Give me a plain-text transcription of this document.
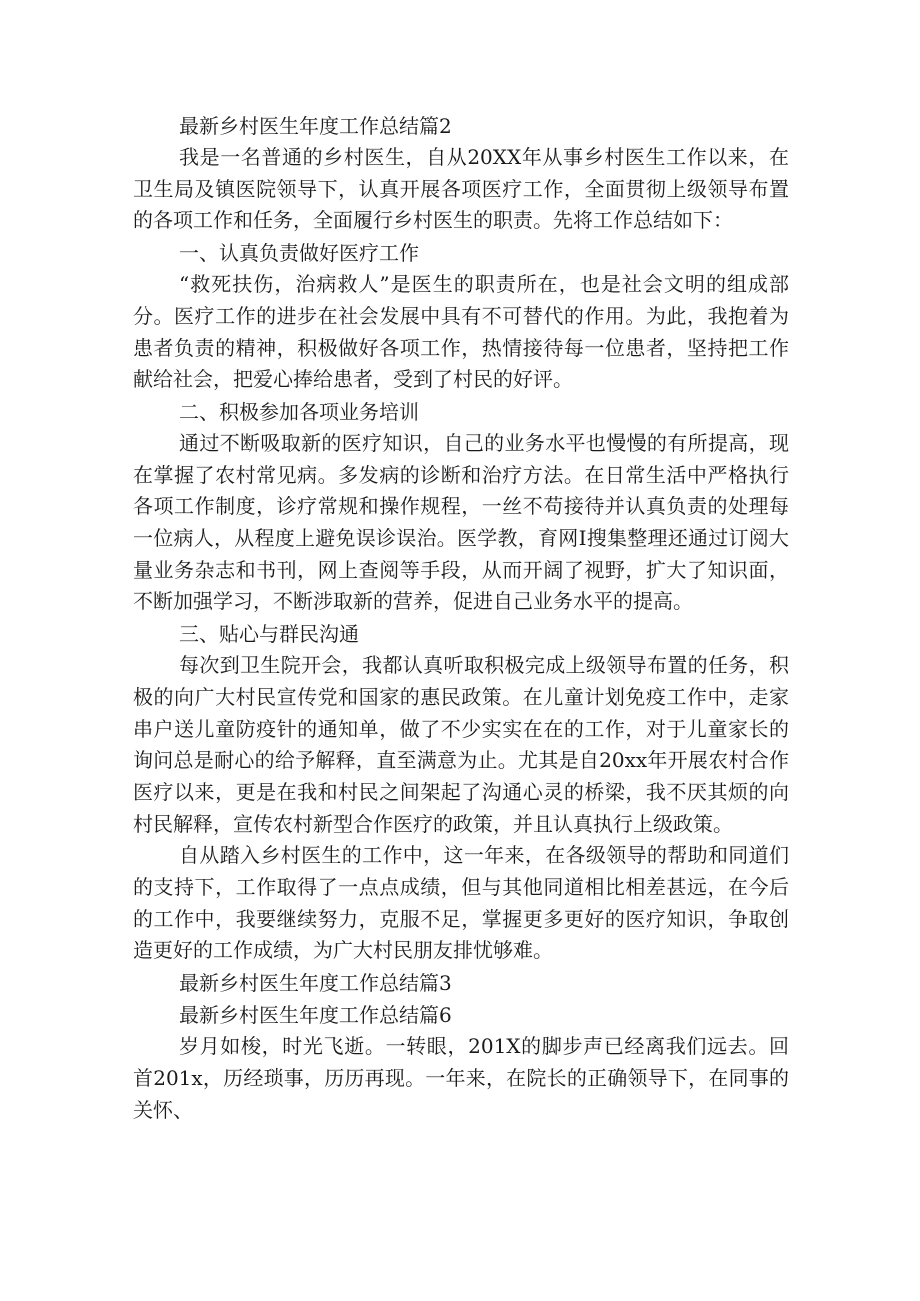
最新乡村医生年度工作总结篇2

我是一名普通的乡村医生，自从20XX年从事乡村医生工作以来，在卫生局及镇医院领导下，认真开展各项医疗工作，全面贯彻上级领导布置的各项工作和任务，全面履行乡村医生的职责。先将工作总结如下：

一、认真负责做好医疗工作

“救死扶伤，治病救人”是医生的职责所在，也是社会文明的组成部分。医疗工作的进步在社会发展中具有不可替代的作用。为此，我抱着为患者负责的精神，积极做好各项工作，热情接待每一位患者，坚持把工作献给社会，把爱心捧给患者，受到了村民的好评。

二、积极参加各项业务培训

通过不断吸取新的医疗知识，自己的业务水平也慢慢的有所提高，现在掌握了农村常见病。多发病的诊断和治疗方法。在日常生活中严格执行各项工作制度，诊疗常规和操作规程，一丝不苟接待并认真负责的处理每一位病人，从程度上避免误诊误治。医学教，育网I搜集整理还通过订阅大量业务杂志和书刊，网上查阅等手段，从而开阔了视野，扩大了知识面，不断加强学习，不断涉取新的营养，促进自己业务水平的提高。

三、贴心与群民沟通

每次到卫生院开会，我都认真听取积极完成上级领导布置的任务，积极的向广大村民宣传党和国家的惠民政策。在儿童计划免疫工作中，走家串户送儿童防疫针的通知单，做了不少实实在在的工作，对于儿童家长的询问总是耐心的给予解释，直至满意为止。尤其是自20xx年开展农村合作医疗以来，更是在我和村民之间架起了沟通心灵的桥梁，我不厌其烦的向村民解释，宣传农村新型合作医疗的政策，并且认真执行上级政策。

自从踏入乡村医生的工作中，这一年来，在各级领导的帮助和同道们的支持下，工作取得了一点点成绩，但与其他同道相比相差甚远，在今后的工作中，我要继续努力，克服不足，掌握更多更好的医疗知识，争取创造更好的工作成绩，为广大村民朋友排忧够难。

最新乡村医生年度工作总结篇3

最新乡村医生年度工作总结篇6

岁月如梭，时光飞逝。一转眼，201X的脚步声已经离我们远去。回首201x，历经琐事，历历再现。一年来，在院长的正确领导下，在同事的关怀、
